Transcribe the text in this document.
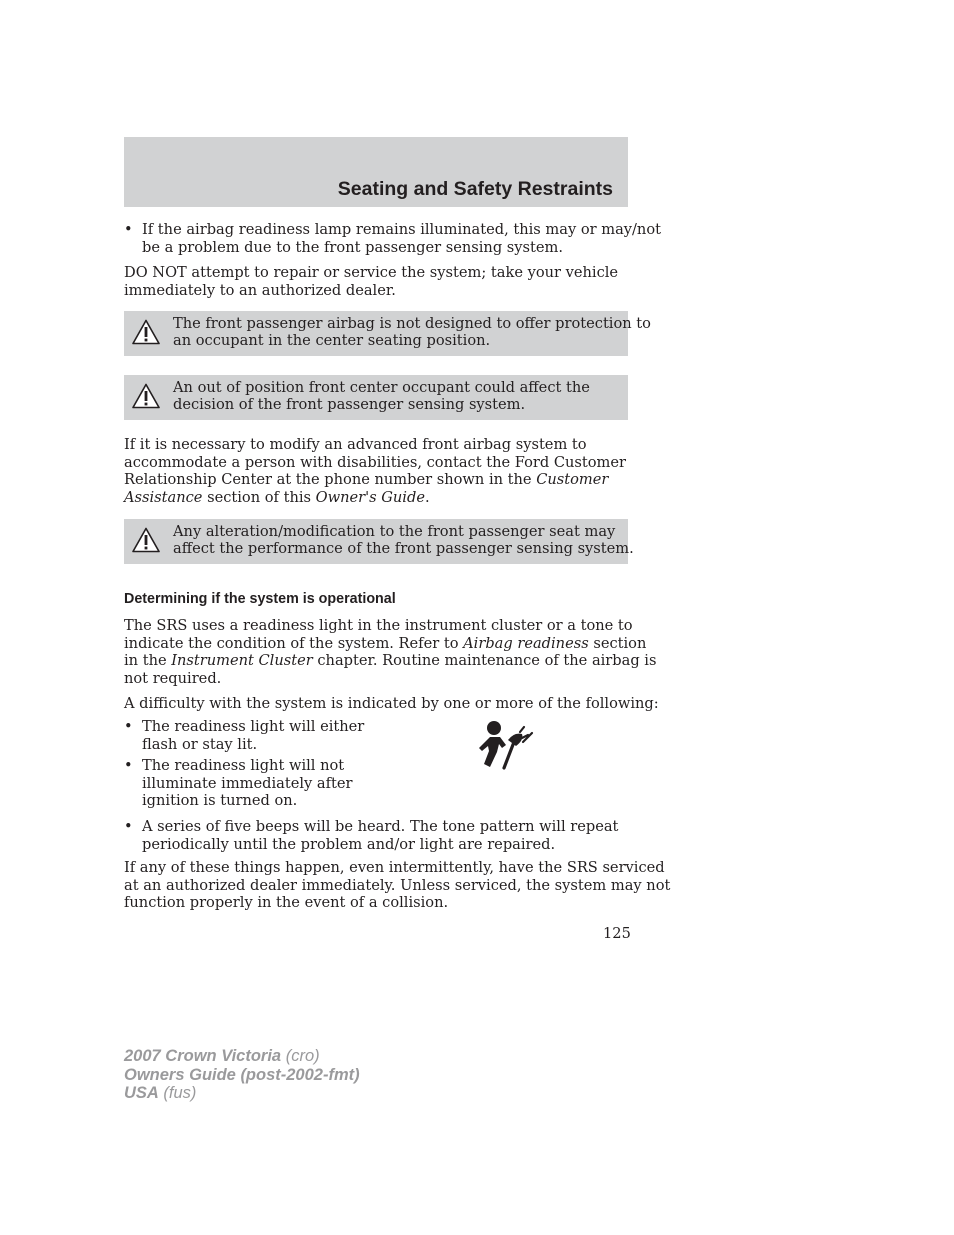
Seating and Safety Restraints
• If the airbag readiness lamp remains illuminated, this may or may/not
be a problem due to the front passenger sensing system.
DO NOT attempt to repair or service the system; take your vehicle
immediately to an authorized dealer.
The front passenger airbag is not designed to offer protection to
an occupant in the center seating position.
An out of position front center occupant could affect the
decision of the front passenger sensing system.
If it is necessary to modify an advanced front airbag system to
accommodate a person with disabilities, contact the Ford Customer
Relationship Center at the phone number shown in the Customer
Assistance section of this Owner's Guide.
Any alteration/modification to the front passenger seat may
affect the performance of the front passenger sensing system.
Determining if the system is operational
The SRS uses a readiness light in the instrument cluster or a tone to
indicate the condition of the system. Refer to Airbag readiness section
in the Instrument Cluster chapter. Routine maintenance of the airbag is
not required.
A difficulty with the system is indicated by one or more of the following:
• The readiness light will either
flash or stay lit.
• The readiness light will not
illuminate immediately after
ignition is turned on.
• A series of five beeps will be heard. The tone pattern will repeat
periodically until the problem and/or light are repaired.
If any of these things happen, even intermittently, have the SRS serviced
at an authorized dealer immediately. Unless serviced, the system may not
function properly in the event of a collision.
125
2007 Crown Victoria (cro)
Owners Guide (post-2002-fmt)
USA (fus)
